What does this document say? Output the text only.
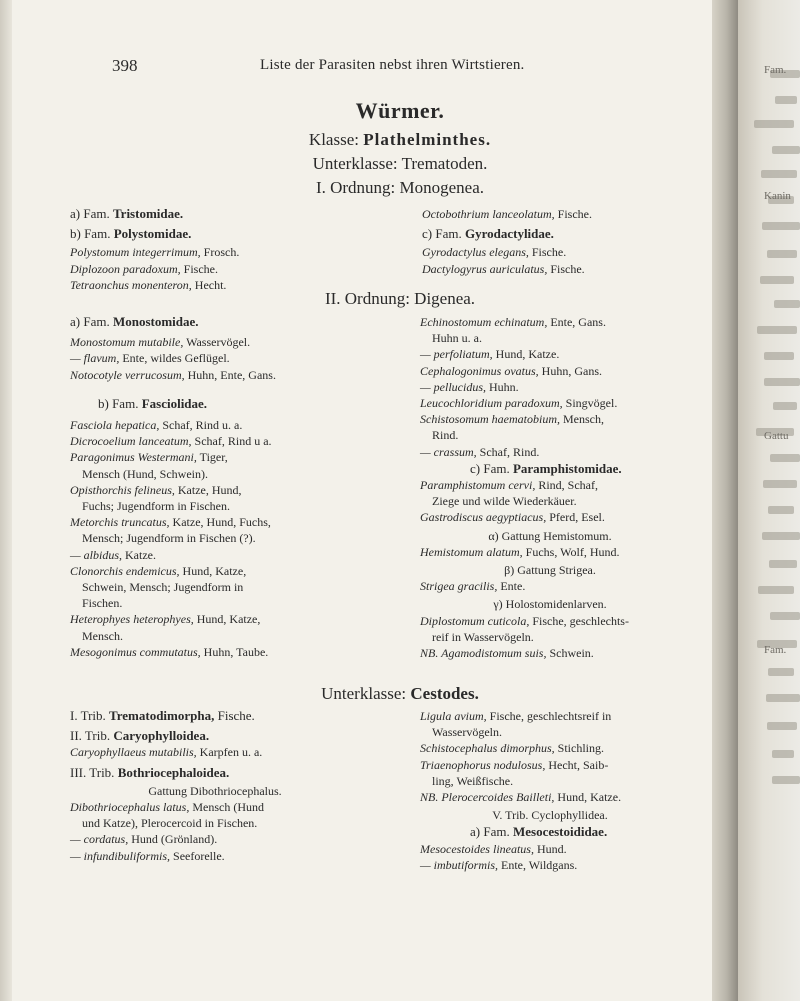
Fam.
Kanin
Gattu
Fam.
398	Liste der Parasiten nebst ihren Wirtstieren.
Würmer.
Klasse: Plathelminthes.
Unterklasse: Trematoden.
I. Ordnung: Monogenea.
a) Fam. Tristomidae.
b) Fam. Polystomidae.
Polystomum integerrimum, Frosch.
Diplozoon paradoxum, Fische.
Tetraonchus monenteron, Hecht.
Octobothrium lanceolatum, Fische.
c) Fam. Gyrodactylidae.
Gyrodactylus elegans, Fische.
Dactylogyrus auriculatus, Fische.
II. Ordnung: Digenea.
a) Fam. Monostomidae.
Monostomum mutabile, Wasservögel.
— flavum, Ente, wildes Geflügel.
Notocotyle verrucosum, Huhn, Ente, Gans.
b) Fam. Fasciolidae.
Fasciola hepatica, Schaf, Rind u. a.
Dicrocoelium lanceatum, Schaf, Rind u a.
Paragonimus Westermani, Tiger,
Mensch (Hund, Schwein).
Opisthorchis felineus, Katze, Hund,
Fuchs; Jugendform in Fischen.
Metorchis truncatus, Katze, Hund, Fuchs,
Mensch; Jugendform in Fischen (?).
— albidus, Katze.
Clonorchis endemicus, Hund, Katze,
Schwein, Mensch; Jugendform in
Fischen.
Heterophyes heterophyes, Hund, Katze,
Mensch.
Mesogonimus commutatus, Huhn, Taube.
Echinostomum echinatum, Ente, Gans.
Huhn u. a.
— perfoliatum, Hund, Katze.
Cephalogonimus ovatus, Huhn, Gans.
— pellucidus, Huhn.
Leucochloridium paradoxum, Singvögel.
Schistosomum haematobium, Mensch,
Rind.
— crassum, Schaf, Rind.
c) Fam. Paramphistomidae.
Paramphistomum cervi, Rind, Schaf,
Ziege und wilde Wiederkäuer.
Gastrodiscus aegyptiacus, Pferd, Esel.
α) Gattung Hemistomum.
Hemistomum alatum, Fuchs, Wolf, Hund.
β) Gattung Strigea.
Strigea gracilis, Ente.
γ) Holostomidenlarven.
Diplostomum cuticola, Fische, geschlechts-
reif in Wasservögeln.
NB. Agamodistomum suis, Schwein.
Unterklasse: Cestodes.
I. Trib. Trematodimorpha, Fische.
II. Trib. Caryophylloidea.
Caryophyllaeus mutabilis, Karpfen u. a.
III. Trib. Bothriocephaloidea.
Gattung Dibothriocephalus.
Dibothriocephalus latus, Mensch (Hund
und Katze), Plerocercoid in Fischen.
— cordatus, Hund (Grönland).
— infundibuliformis, Seeforelle.
Ligula avium, Fische, geschlechtsreif in
Wasservögeln.
Schistocephalus dimorphus, Stichling.
Triaenophorus nodulosus, Hecht, Saib-
ling, Weißfische.
NB. Plerocercoides Bailleti, Hund, Katze.
V. Trib. Cyclophyllidea.
a) Fam. Mesocestoididae.
Mesocestoides lineatus, Hund.
— imbutiformis, Ente, Wildgans.
